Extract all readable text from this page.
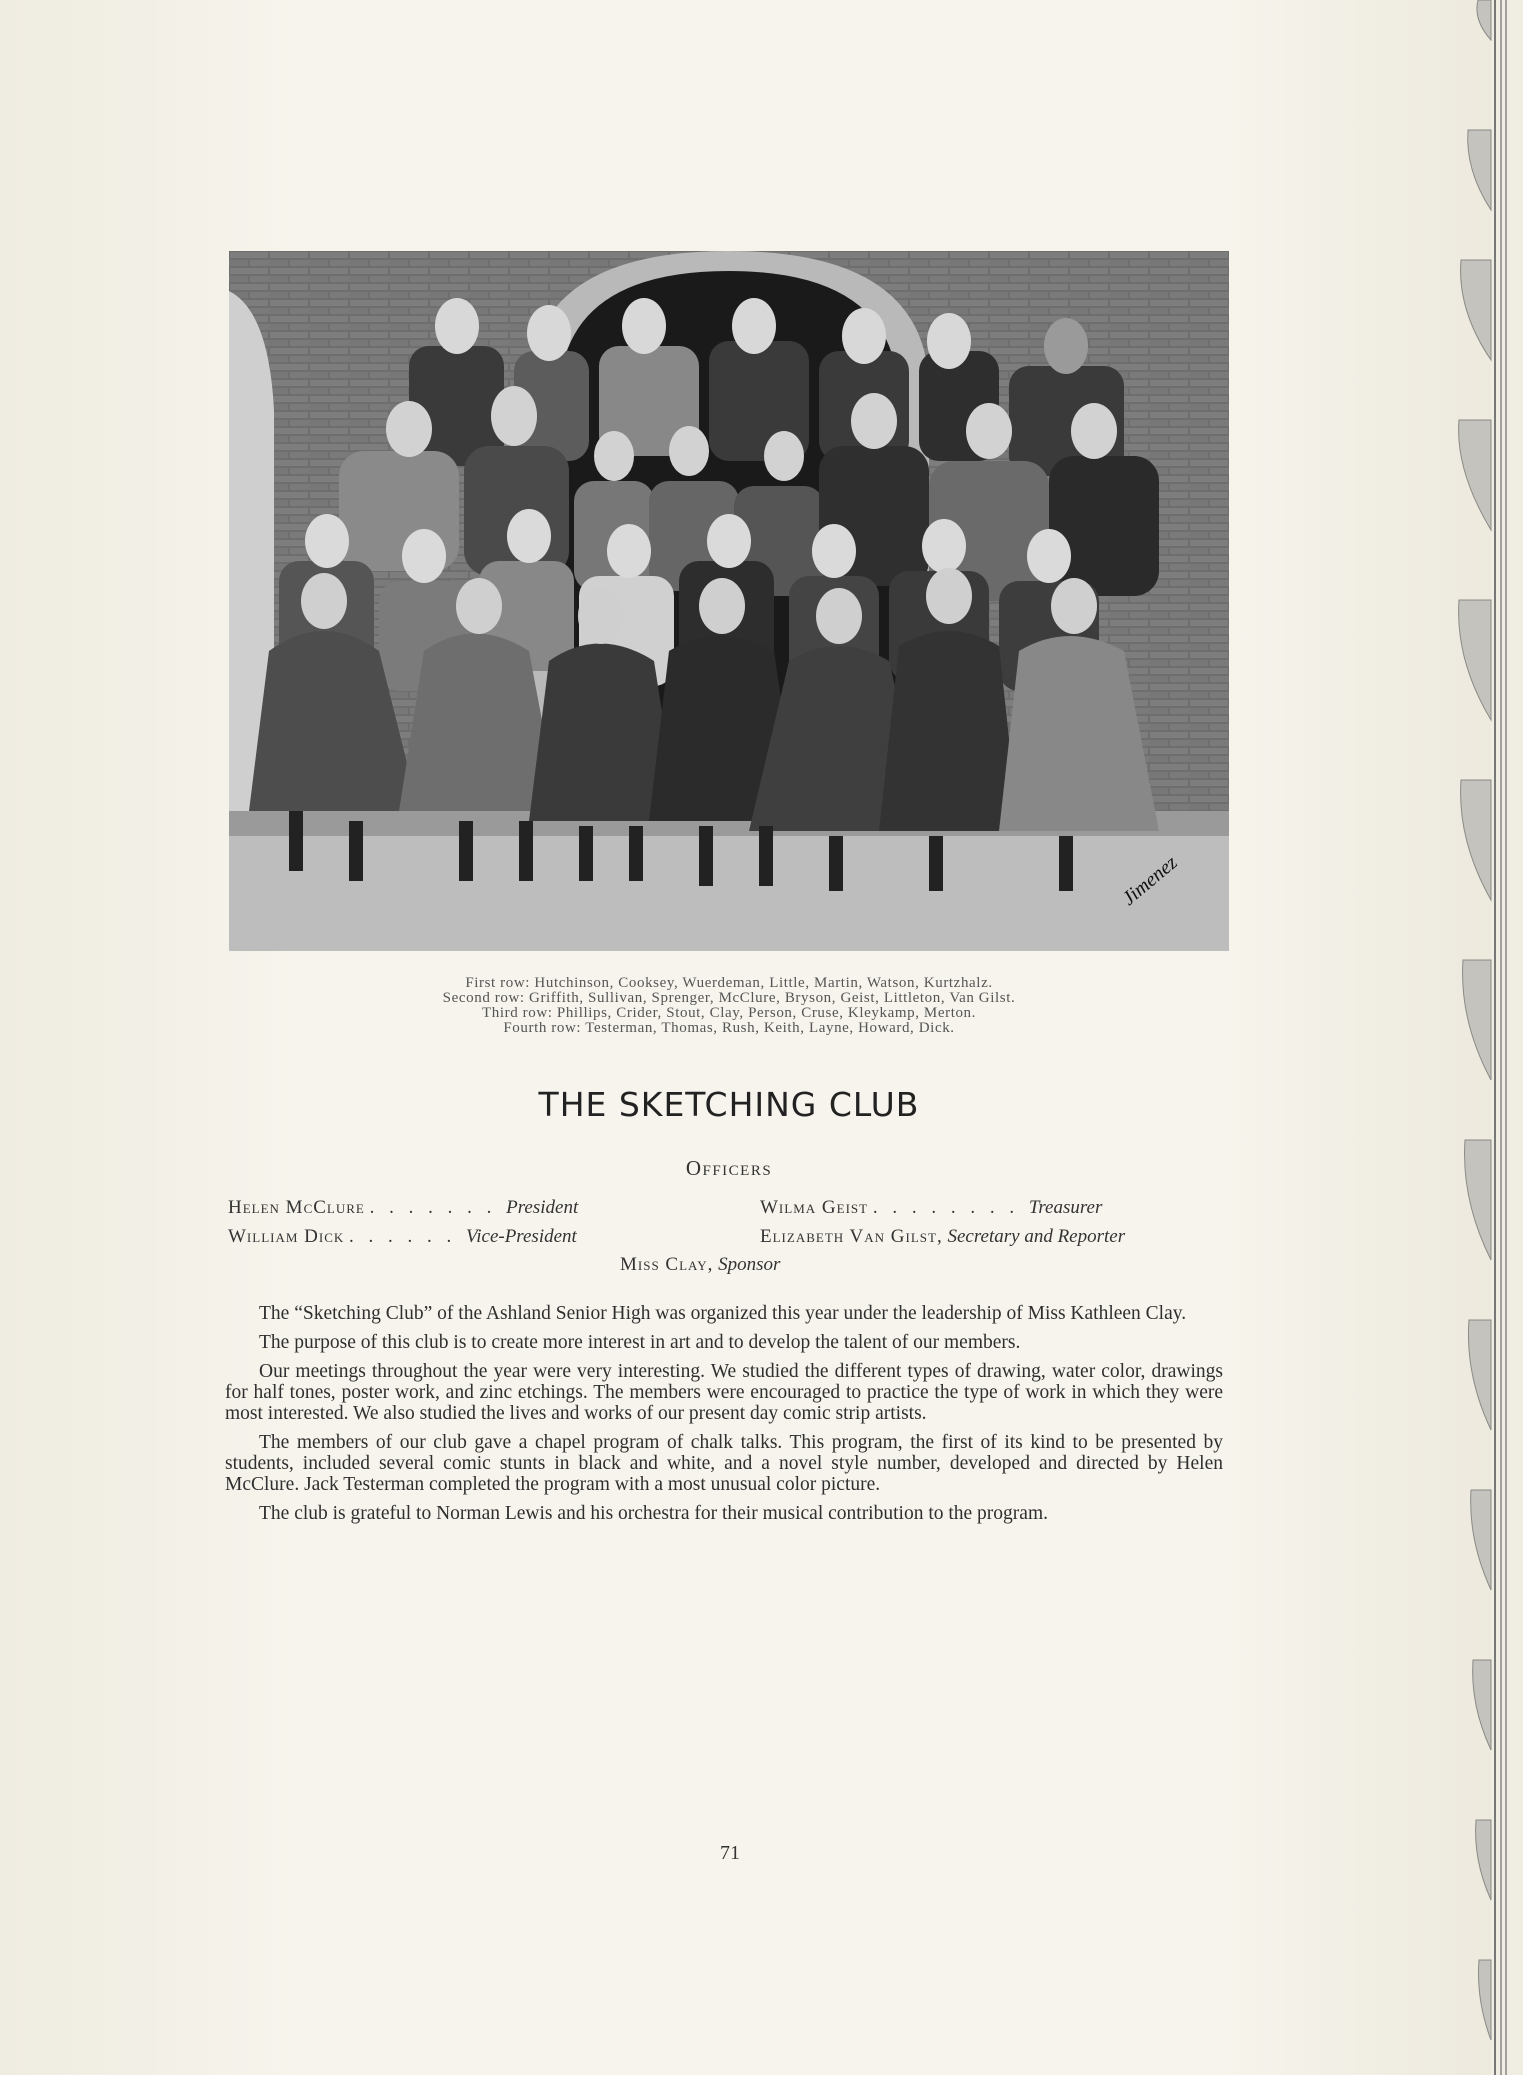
Jimenez
First row: Hutchinson, Cooksey, Wuerdeman, Little, Martin, Watson, Kurtzhalz.
Second row: Griffith, Sullivan, Sprenger, McClure, Bryson, Geist, Littleton, Van Gilst.
Third row: Phillips, Crider, Stout, Clay, Person, Cruse, Kleykamp, Merton.
Fourth row: Testerman, Thomas, Rush, Keith, Layne, Howard, Dick.
THE SKETCHING CLUB
Officers
Helen McClure . . . . . . . President
William Dick . . . . . . Vice-President
Wilma Geist . . . . . . . . Treasurer
Elizabeth Van Gilst, Secretary and Reporter
Miss Clay, Sponsor

The “Sketching Club” of the Ashland Senior High was organized this year under the leadership of Miss Kathleen Clay.

The purpose of this club is to create more interest in art and to develop the talent of our members.

Our meetings throughout the year were very interesting. We studied the different types of drawing, water color, drawings for half tones, poster work, and zinc etchings. The members were encouraged to practice the type of work in which they were most interested. We also studied the lives and works of our present day comic strip artists.

The members of our club gave a chapel program of chalk talks. This program, the first of its kind to be presented by students, included several comic stunts in black and white, and a novel style number, developed and directed by Helen McClure. Jack Testerman completed the program with a most unusual color picture.

The club is grateful to Norman Lewis and his orchestra for their musical contribution to the program.

71
